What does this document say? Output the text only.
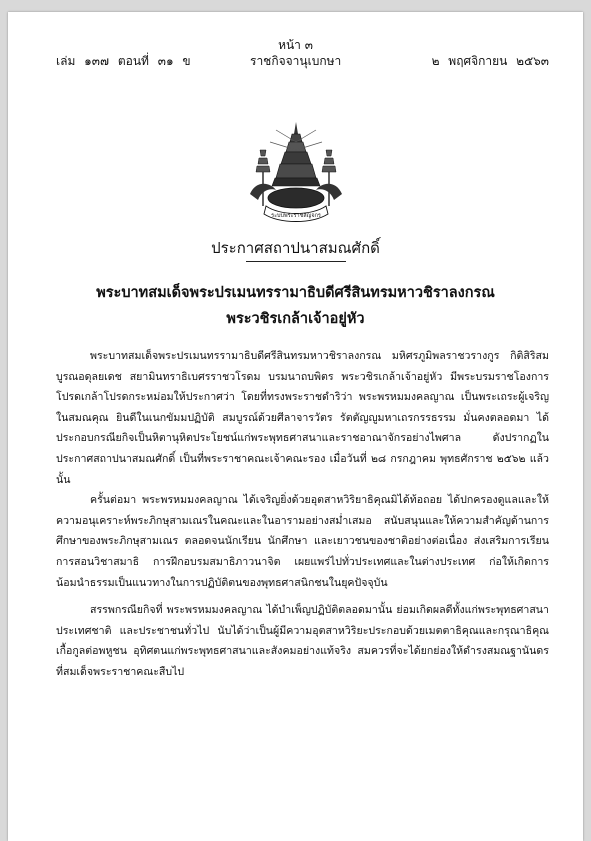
หน้า ๓
เล่ม ๑๓๗ ตอนที่ ๓๑ ข	ราชกิจจานุเบกษา	๒ พฤศจิกายน ๒๕๖๓
ระบบพระราชลัญจกร
ประกาศสถาปนาสมณศักดิ์
พระบาทสมเด็จพระปรเมนทรรามาธิบดีศรีสินทรมหาวชิราลงกรณ
พระวชิรเกล้าเจ้าอยู่หัว

พระบาทสมเด็จพระปรเมนทรรามาธิบดีศรีสินทรมหาวชิราลงกรณ มหิศรภูมิพลราชวรางกูร กิติสิริสมบูรณอดุลยเดช สยามินทราธิเบศรราชวโรดม บรมนาถบพิตร พระวชิรเกล้าเจ้าอยู่หัว มีพระบรมราชโองการโปรดเกล้าโปรดกระหม่อมให้ประกาศว่า โดยที่ทรงพระราชดำริว่า พระพรหมมงคลญาณ เป็นพระเถระผู้เจริญในสมณคุณ ยินดีในเนกขัมมปฏิบัติ สมบูรณ์ด้วยศีลาจารวัตร รัตตัญญูมหาเถรกรรธรรม มั่นคงตลอดมา ได้ประกอบกรณียกิจเป็นหิตานุหิตประโยชน์แก่พระพุทธศาสนาและราชอาณาจักรอย่างไพศาล ดังปรากฏในประกาศสถาปนาสมณศักดิ์ เป็นที่พระราชาคณะเจ้าคณะรอง เมื่อวันที่ ๒๘ กรกฎาคม พุทธศักราช ๒๕๖๒ แล้ว นั้น

ครั้นต่อมา พระพรหมมงคลญาณ ได้เจริญยิ่งด้วยอุตสาหวิริยาธิคุณมิได้ท้อถอย ได้ปกครองดูแลและให้ความอนุเคราะห์พระภิกษุสามเณรในคณะและในอารามอย่างสม่ำเสมอ สนับสนุนและให้ความสำคัญด้านการศึกษาของพระภิกษุสามเณร ตลอดจนนักเรียน นักศึกษา และเยาวชนของชาติอย่างต่อเนื่อง ส่งเสริมการเรียนการสอนวิชาสมาธิ การฝึกอบรมสมาธิภาวนาจิต เผยแพร่ไปทั่วประเทศและในต่างประเทศ ก่อให้เกิดการน้อมนำธรรมเป็นแนวทางในการปฏิบัติตนของพุทธศาสนิกชนในยุคปัจจุบัน

สรรพกรณียกิจที่ พระพรหมมงคลญาณ ได้บำเพ็ญปฏิบัติตลอดมานั้น ย่อมเกิดผลดีทั้งแก่พระพุทธศาสนา ประเทศชาติ และประชาชนทั่วไป นับได้ว่าเป็นผู้มีความอุตสาหวิริยะประกอบด้วยเมตตาธิคุณและกรุณาธิคุณเกื้อกูลต่อพหูชน อุทิศตนแก่พระพุทธศาสนาและสังคมอย่างแท้จริง สมควรที่จะได้ยกย่องให้ดำรงสมณฐานันดรที่สมเด็จพระราชาคณะสืบไป
